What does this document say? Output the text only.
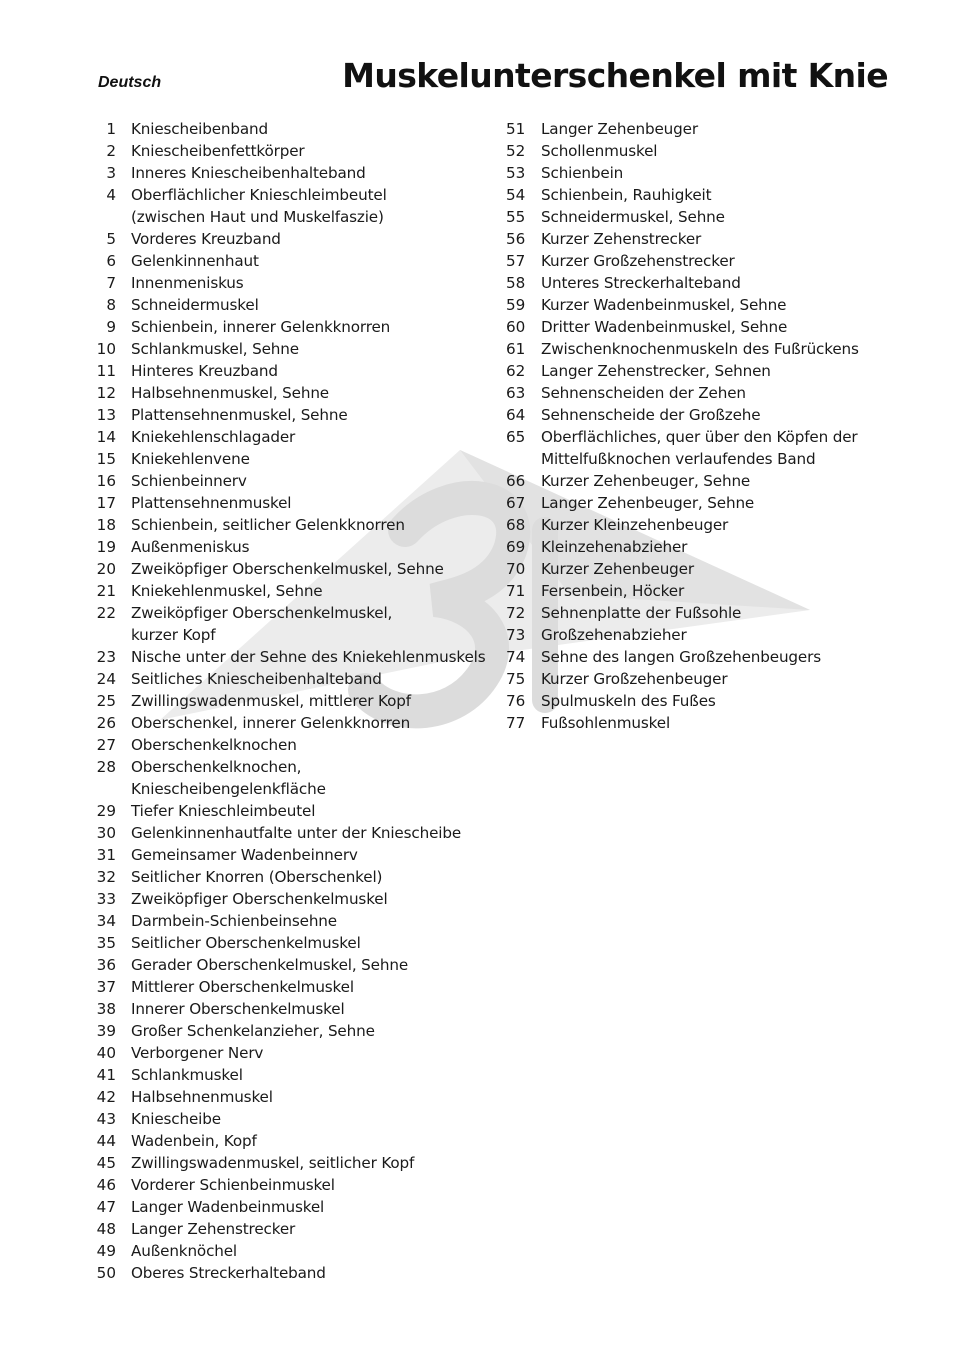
Deutsch	Muskelunterschenkel mit Knie
1 Kniescheibenband
2 Kniescheibenfettkörper
3 Inneres Kniescheibenhalteband
4 Oberflächlicher Knieschleimbeutel
(zwischen Haut und Muskelfaszie)
5 Vorderes Kreuzband
6 Gelenkinnenhaut
7 Innenmeniskus
8 Schneidermuskel
9 Schienbein, innerer Gelenkknorren
10 Schlankmuskel, Sehne
11 Hinteres Kreuzband
12 Halbsehnenmuskel, Sehne
13 Plattensehnenmuskel, Sehne
14 Kniekehlenschlagader
15 Kniekehlenvene
16 Schienbeinnerv
17 Plattensehnenmuskel
18 Schienbein, seitlicher Gelenkknorren
19 Außenmeniskus
20 Zweiköpfiger Oberschenkelmuskel, Sehne
21 Kniekehlenmuskel, Sehne
22 Zweiköpfiger Oberschenkelmuskel,
kurzer Kopf
23 Nische unter der Sehne des Kniekehlenmuskels
24 Seitliches Kniescheibenhalteband
25 Zwillingswadenmuskel, mittlerer Kopf
26 Oberschenkel, innerer Gelenkknorren
27 Oberschenkelknochen
28 Oberschenkelknochen,
Kniescheibengelenkfläche
29 Tiefer Knieschleimbeutel
30 Gelenkinnenhautfalte unter der Kniescheibe
31 Gemeinsamer Wadenbeinnerv
32 Seitlicher Knorren (Oberschenkel)
33 Zweiköpfiger Oberschenkelmuskel
34 Darmbein-Schienbeinsehne
35 Seitlicher Oberschenkelmuskel
36 Gerader Oberschenkelmuskel, Sehne
37 Mittlerer Oberschenkelmuskel
38 Innerer Oberschenkelmuskel
39 Großer Schenkelanzieher, Sehne
40 Verborgener Nerv
41 Schlankmuskel
42 Halbsehnenmuskel
43 Kniescheibe
44 Wadenbein, Kopf
45 Zwillingswadenmuskel, seitlicher Kopf
46 Vorderer Schienbeinmuskel
47 Langer Wadenbeinmuskel
48 Langer Zehenstrecker
49 Außenknöchel
50 Oberes Streckerhalteband
51 Langer Zehenbeuger
52 Schollenmuskel
53 Schienbein
54 Schienbein, Rauhigkeit
55 Schneidermuskel, Sehne
56 Kurzer Zehenstrecker
57 Kurzer Großzehenstrecker
58 Unteres Streckerhalteband
59 Kurzer Wadenbeinmuskel, Sehne
60 Dritter Wadenbeinmuskel, Sehne
61 Zwischenknochenmuskeln des Fußrückens
62 Langer Zehenstrecker, Sehnen
63 Sehnenscheiden der Zehen
64 Sehnenscheide der Großzehe
65 Oberflächliches, quer über den Köpfen der
Mittelfußknochen verlaufendes Band
66 Kurzer Zehenbeuger, Sehne
67 Langer Zehenbeuger, Sehne
68 Kurzer Kleinzehenbeuger
69 Kleinzehenabzieher
70 Kurzer Zehenbeuger
71 Fersenbein, Höcker
72 Sehnenplatte der Fußsohle
73 Großzehenabzieher
74 Sehne des langen Großzehenbeugers
75 Kurzer Großzehenbeuger
76 Spulmuskeln des Fußes
77 Fußsohlenmuskel
